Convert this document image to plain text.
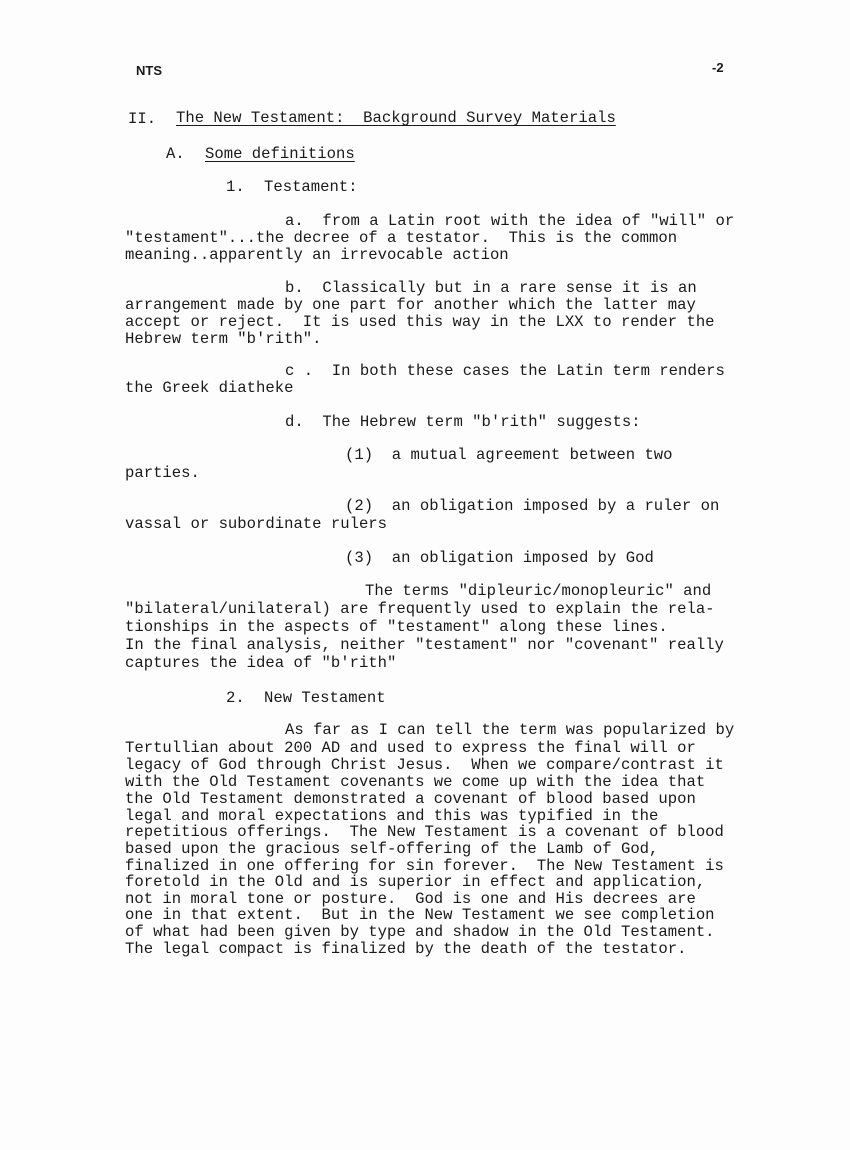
NTS	-2
II. The New Testament:  Background Survey Materials
A. Some definitions
1. Testament:
a.  from a Latin root with the idea of "will" or
"testament"...the decree of a testator.  This is the common
meaning..apparently an irrevocable action
b.  Classically but in a rare sense it is an
arrangement made by one part for another which the latter may
accept or reject.  It is used this way in the LXX to render the
Hebrew term "b'rith".
c .  In both these cases the Latin term renders
the Greek diatheke
d.  The Hebrew term "b'rith" suggests:
(1)  a mutual agreement between two
parties.
(2)  an obligation imposed by a ruler on
vassal or subordinate rulers
(3)  an obligation imposed by God
The terms "dipleuric/monopleuric" and
"bilateral/unilateral) are frequently used to explain the rela-
tionships in the aspects of "testament" along these lines.
In the final analysis, neither "testament" nor "covenant" really
captures the idea of "b'rith"
2. New Testament
As far as I can tell the term was popularized by
Tertullian about 200 AD and used to express the final will or
legacy of God through Christ Jesus.  When we compare/contrast it
with the Old Testament covenants we come up with the idea that
the Old Testament demonstrated a covenant of blood based upon
legal and moral expectations and this was typified in the
repetitious offerings.  The New Testament is a covenant of blood
based upon the gracious self-offering of the Lamb of God,
finalized in one offering for sin forever.  The New Testament is
foretold in the Old and is superior in effect and application,
not in moral tone or posture.  God is one and His decrees are
one in that extent.  But in the New Testament we see completion
of what had been given by type and shadow in the Old Testament.
The legal compact is finalized by the death of the testator.
